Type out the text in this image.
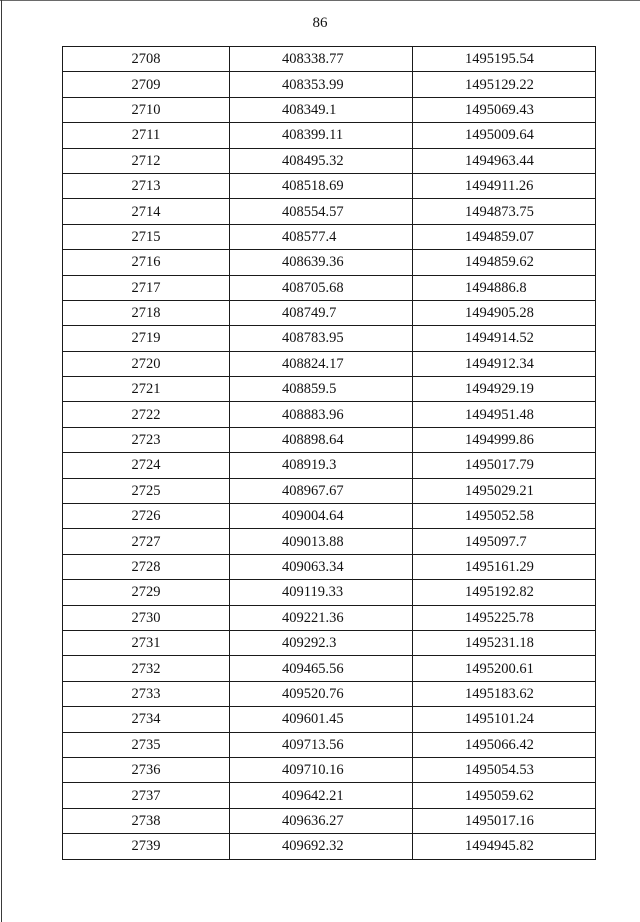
86
2708	408338.77	1495195.54
2709	408353.99	1495129.22
2710	408349.1	1495069.43
2711	408399.11	1495009.64
2712	408495.32	1494963.44
2713	408518.69	1494911.26
2714	408554.57	1494873.75
2715	408577.4	1494859.07
2716	408639.36	1494859.62
2717	408705.68	1494886.8
2718	408749.7	1494905.28
2719	408783.95	1494914.52
2720	408824.17	1494912.34
2721	408859.5	1494929.19
2722	408883.96	1494951.48
2723	408898.64	1494999.86
2724	408919.3	1495017.79
2725	408967.67	1495029.21
2726	409004.64	1495052.58
2727	409013.88	1495097.7
2728	409063.34	1495161.29
2729	409119.33	1495192.82
2730	409221.36	1495225.78
2731	409292.3	1495231.18
2732	409465.56	1495200.61
2733	409520.76	1495183.62
2734	409601.45	1495101.24
2735	409713.56	1495066.42
2736	409710.16	1495054.53
2737	409642.21	1495059.62
2738	409636.27	1495017.16
2739	409692.32	1494945.82
